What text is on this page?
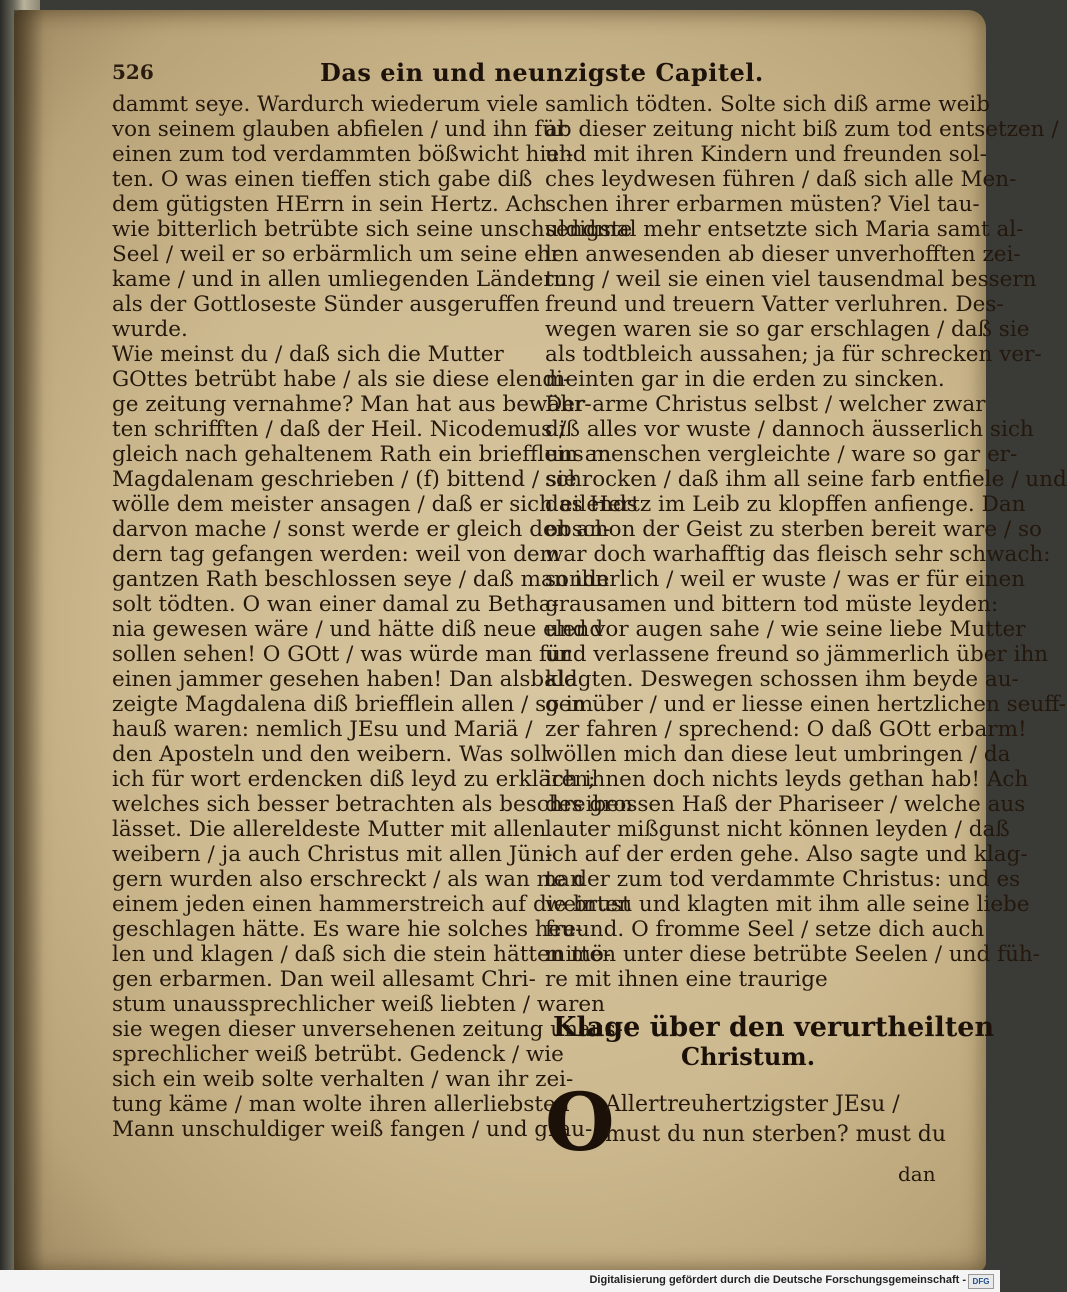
526	Das ein und neunzigste Capitel.
dammt seye. Wardurch wiederum viele
von seinem glauben abfielen / und ihn für
einen zum tod verdammten bößwicht hiel-
ten. O was einen tieffen stich gabe diß
dem gütigsten HErrn in sein Hertz. Ach
wie bitterlich betrübte sich seine unschuldigste
Seel / weil er so erbärmlich um seine ehr
kame / und in allen umliegenden Ländern
als der Gottloseste Sünder ausgeruffen
wurde.
Wie meinst du / daß sich die Mutter
GOttes betrübt habe / als sie diese elendi-
ge zeitung vernahme? Man hat aus bewähr-
ten schrifften / daß der Heil. Nicodemus /
gleich nach gehaltenem Rath ein briefflein an
Magdalenam geschrieben / (f) bittend / sie
wölle dem meister ansagen / daß er sich eilends
darvon mache / sonst werde er gleich den an-
dern tag gefangen werden: weil von dem
gantzen Rath beschlossen seye / daß man ihn
solt tödten. O wan einer damal zu Betha-
nia gewesen wäre / und hätte diß neue elend
sollen sehen! O GOtt / was würde man für
einen jammer gesehen haben! Dan alsbald
zeigte Magdalena diß briefflein allen / so im
hauß waren: nemlich JEsu und Mariä /
den Aposteln und den weibern. Was soll
ich für wort erdencken diß leyd zu erklären;
welches sich besser betrachten als beschreiben
lässet. Die allereldeste Mutter mit allen
weibern / ja auch Christus mit allen Jün-
gern wurden also erschreckt / als wan man
einem jeden einen hammerstreich auf die brust
geschlagen hätte. Es ware hie solches heu-
len und klagen / daß sich die stein hätten mö-
gen erbarmen. Dan weil allesamt Chri-
stum unaussprechlicher weiß liebten / waren
sie wegen dieser unversehenen zeitung unaus-
sprechlicher weiß betrübt. Gedenck / wie
sich ein weib solte verhalten / wan ihr zei-
tung käme / man wolte ihren allerliebsten
Mann unschuldiger weiß fangen / und grau-
samlich tödten. Solte sich diß arme weib
ab dieser zeitung nicht biß zum tod entsetzen /
und mit ihren Kindern und freunden sol-
ches leydwesen führen / daß sich alle Men-
schen ihrer erbarmen müsten? Viel tau-
sendmal mehr entsetzte sich Maria samt al-
len anwesenden ab dieser unverhofften zei-
tung / weil sie einen viel tausendmal bessern
freund und treuern Vatter verluhren. Des-
wegen waren sie so gar erschlagen / daß sie
als todtbleich aussahen; ja für schrecken ver-
meinten gar in die erden zu sincken.
Der arme Christus selbst / welcher zwar
diß alles vor wuste / dannoch äusserlich sich
uns menschen vergleichte / ware so gar er-
schrocken / daß ihm all seine farb entfiele / und
das Hertz im Leib zu klopffen anfienge. Dan
obschon der Geist zu sterben bereit ware / so
war doch warhafftig das fleisch sehr schwach:
sonderlich / weil er wuste / was er für einen
grausamen und bittern tod müste leyden:
und vor augen sahe / wie seine liebe Mutter
und verlassene freund so jämmerlich über ihn
klagten. Deswegen schossen ihm beyde au-
gen über / und er liesse einen hertzlichen seuff-
zer fahren / sprechend: O daß GOtt erbarm!
wöllen mich dan diese leut umbringen / da
ich ihnen doch nichts leyds gethan hab! Ach
des grossen Haß der Phariseer / welche aus
lauter mißgunst nicht können leyden / daß
ich auf der erden gehe. Also sagte und klag-
te der zum tod verdammte Christus: und es
weinten und klagten mit ihm alle seine liebe
freund. O fromme Seel / setze dich auch
mitten unter diese betrübte Seelen / und füh-
re mit ihnen eine traurige
Klage über den verurtheilten
Christum.
O
Allertreuhertzigster JEsu /
must du nun sterben? must du
dan
Digitalisierung gefördert durch die Deutsche Forschungsgemeinschaft - DFG
